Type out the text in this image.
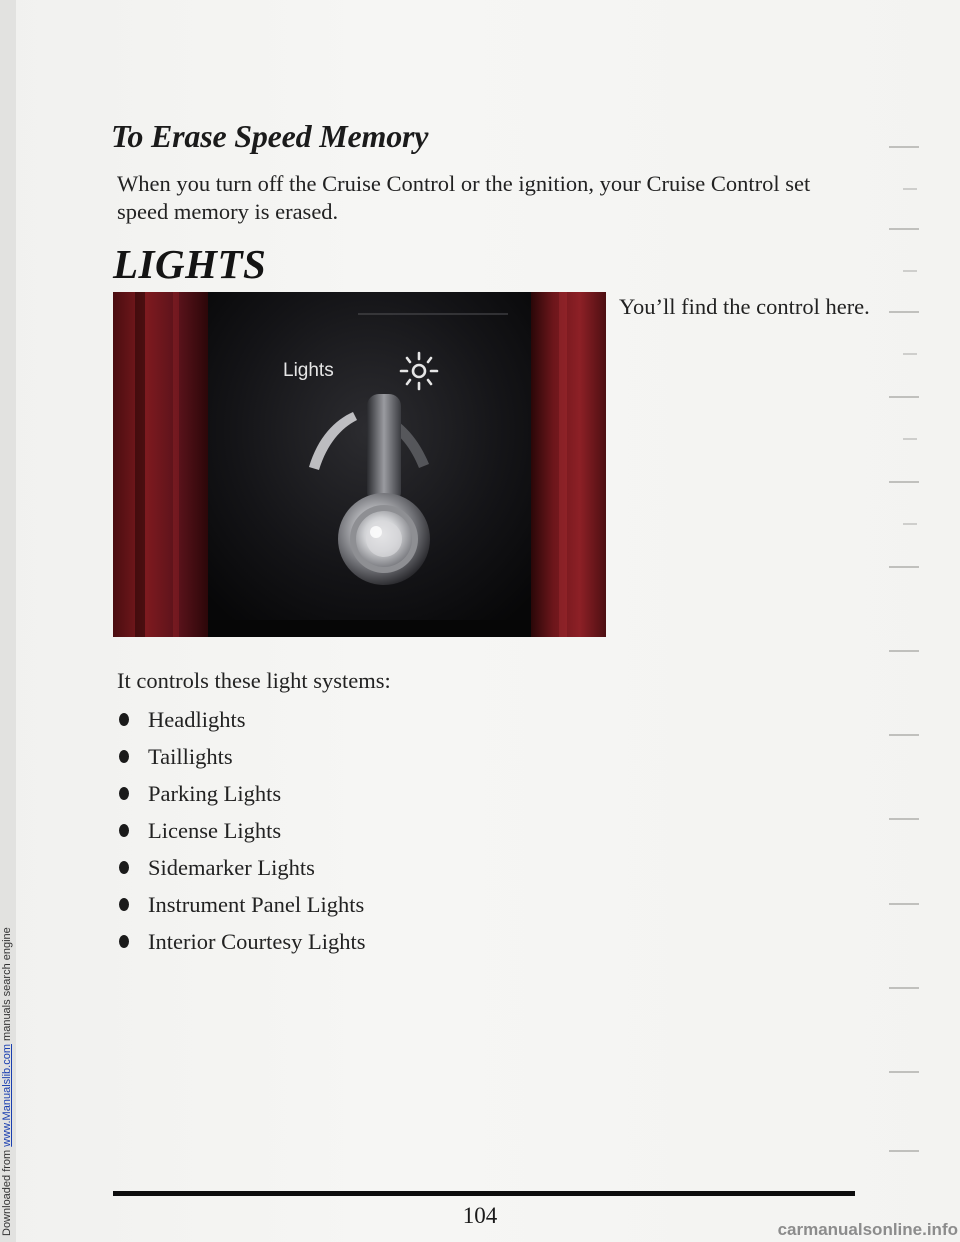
Downloaded from www.Manualslib.com manuals search engine
To Erase Speed Memory

When you turn off the Cruise Control or the ignition, your Cruise Control set speed memory is erased.

LIGHTS
Lights

You’ll find the control here.

It controls these light systems:

Headlights
Taillights
Parking Lights
License Lights
Sidemarker Lights
Instrument Panel Lights
Interior Courtesy Lights
104
carmanualsonline.info
